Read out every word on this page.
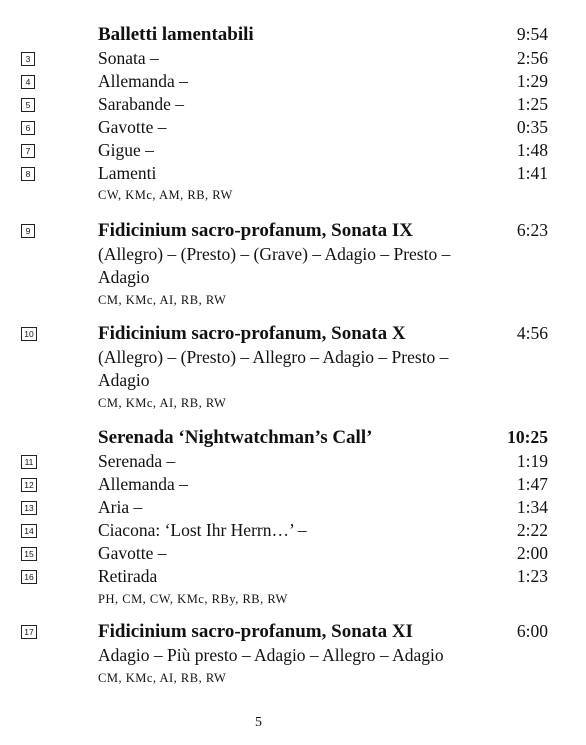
Balletti lamentabili	9:54
3	Sonata –	2:56
4	Allemanda –	1:29
5	Sarabande –	1:25
6	Gavotte –	0:35
7	Gigue –	1:48
8	Lamenti	1:41
CW, KMc, AM, RB, RW
9	Fidicinium sacro-profanum, Sonata IX	6:23
(Allegro) – (Presto) – (Grave) – Adagio – Presto –
Adagio
CM, KMc, AI, RB, RW
10	Fidicinium sacro-profanum, Sonata X	4:56
(Allegro) – (Presto) – Allegro – Adagio – Presto –
Adagio
CM, KMc, AI, RB, RW
Serenada ‘Nightwatchman’s Call’	10:25
11	Serenada –	1:19
12	Allemanda –	1:47
13	Aria –	1:34
14	Ciacona: ‘Lost Ihr Herrn…’ –	2:22
15	Gavotte –	2:00
16	Retirada	1:23
PH, CM, CW, KMc, RBy, RB, RW
17	Fidicinium sacro-profanum, Sonata XI	6:00
Adagio – Più presto – Adagio – Allegro – Adagio
CM, KMc, AI, RB, RW
5
